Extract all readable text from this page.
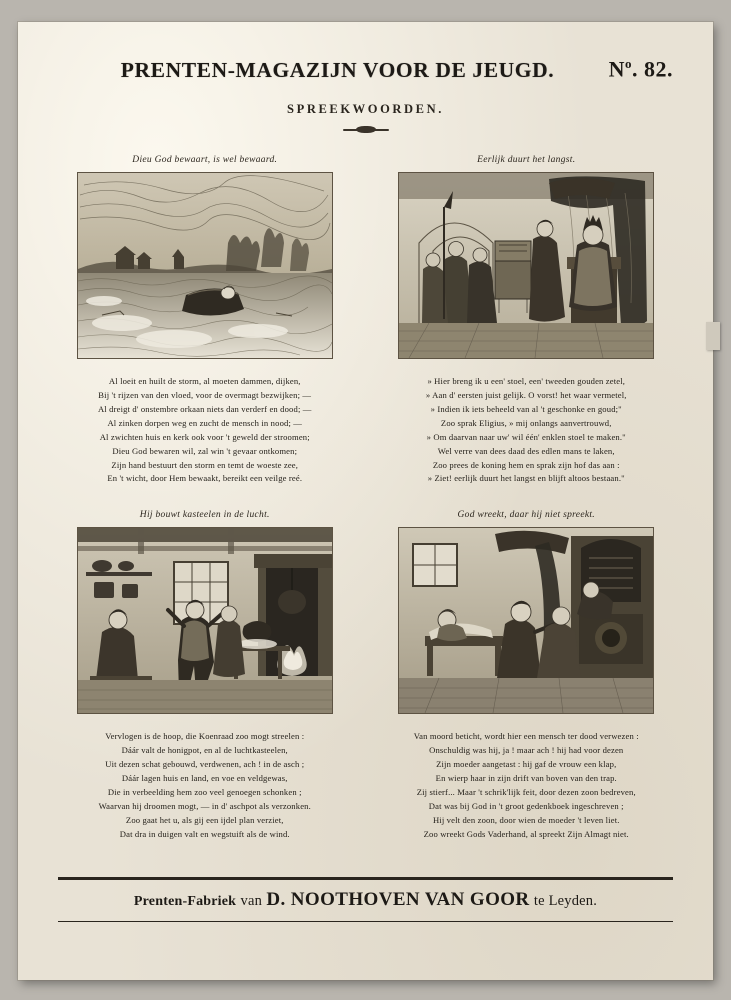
PRENTEN-MAGAZIJN VOOR DE JEUGD.	$N^o$. 82.
SPREEKWOORDEN.
Dieu God bewaart, is wel bewaard.
Al loeit en huilt de storm, al moeten dammen, dijken,
Bij 't rijzen van den vloed, voor de overmagt bezwijken; —
Al dreigt d' onstembre orkaan niets dan verderf en dood; —
Al zinken dorpen weg en zucht de mensch in nood; —
Al zwichten huis en kerk ook voor 't geweld der stroomen;
Dieu God bewaren wil, zal win 't gevaar ontkomen;
Zijn hand bestuurt den storm en temt de woeste zee,
En 't wicht, door Hem bewaakt, bereikt een veilge reé.
Eerlijk duurt het langst.
» Hier breng ik u een' stoel, een' tweeden gouden zetel,
» Aan d' eersten juist gelijk. O vorst! het waar vermetel,
» Indien ik iets beheeld van al 't geschonke en goud;"
Zoo sprak Eligius, » mij onlangs aanvertrouwd,
» Om daarvan naar uw' wil één' enklen stoel te maken."
Wel verre van dees daad des edlen mans te laken,
Zoo prees de koning hem en sprak zijn hof das aan :
» Ziet! eerlijk duurt het langst en blijft altoos bestaan."
Hij bouwt kasteelen in de lucht.
Vervlogen is de hoop, die Koenraad zoo mogt streelen :
Dáár valt de honigpot, en al de luchtkasteelen,
Uit dezen schat gebouwd, verdwenen, ach ! in de asch ;
Dáár lagen huis en land, en voe en veldgewas,
Die in verbeelding hem zoo veel genoegen schonken ;
Waarvan hij droomen mogt, — in d' aschpot als verzonken.
Zoo gaat het u, als gij een ijdel plan verziet,
Dat dra in duigen valt en wegstuift als de wind.
God wreekt, daar hij niet spreekt.
Van moord beticht, wordt hier een mensch ter dood verwezen :
Onschuldig was hij, ja ! maar ach ! hij had voor dezen
Zijn moeder aangetast : hij gaf de vrouw een klap,
En wierp haar in zijn drift van boven van den trap.
Zij stierf... Maar 't schrik'lijk feit, door dezen zoon bedreven,
Dat was bij God in 't groot gedenkboek ingeschreven ;
Hij velt den zoon, door wien de moeder 't leven liet.
Zoo wreekt Gods Vaderhand, al spreekt Zijn Almagt niet.
Prenten-Fabriek van D. NOOTHOVEN VAN GOOR te Leyden.
